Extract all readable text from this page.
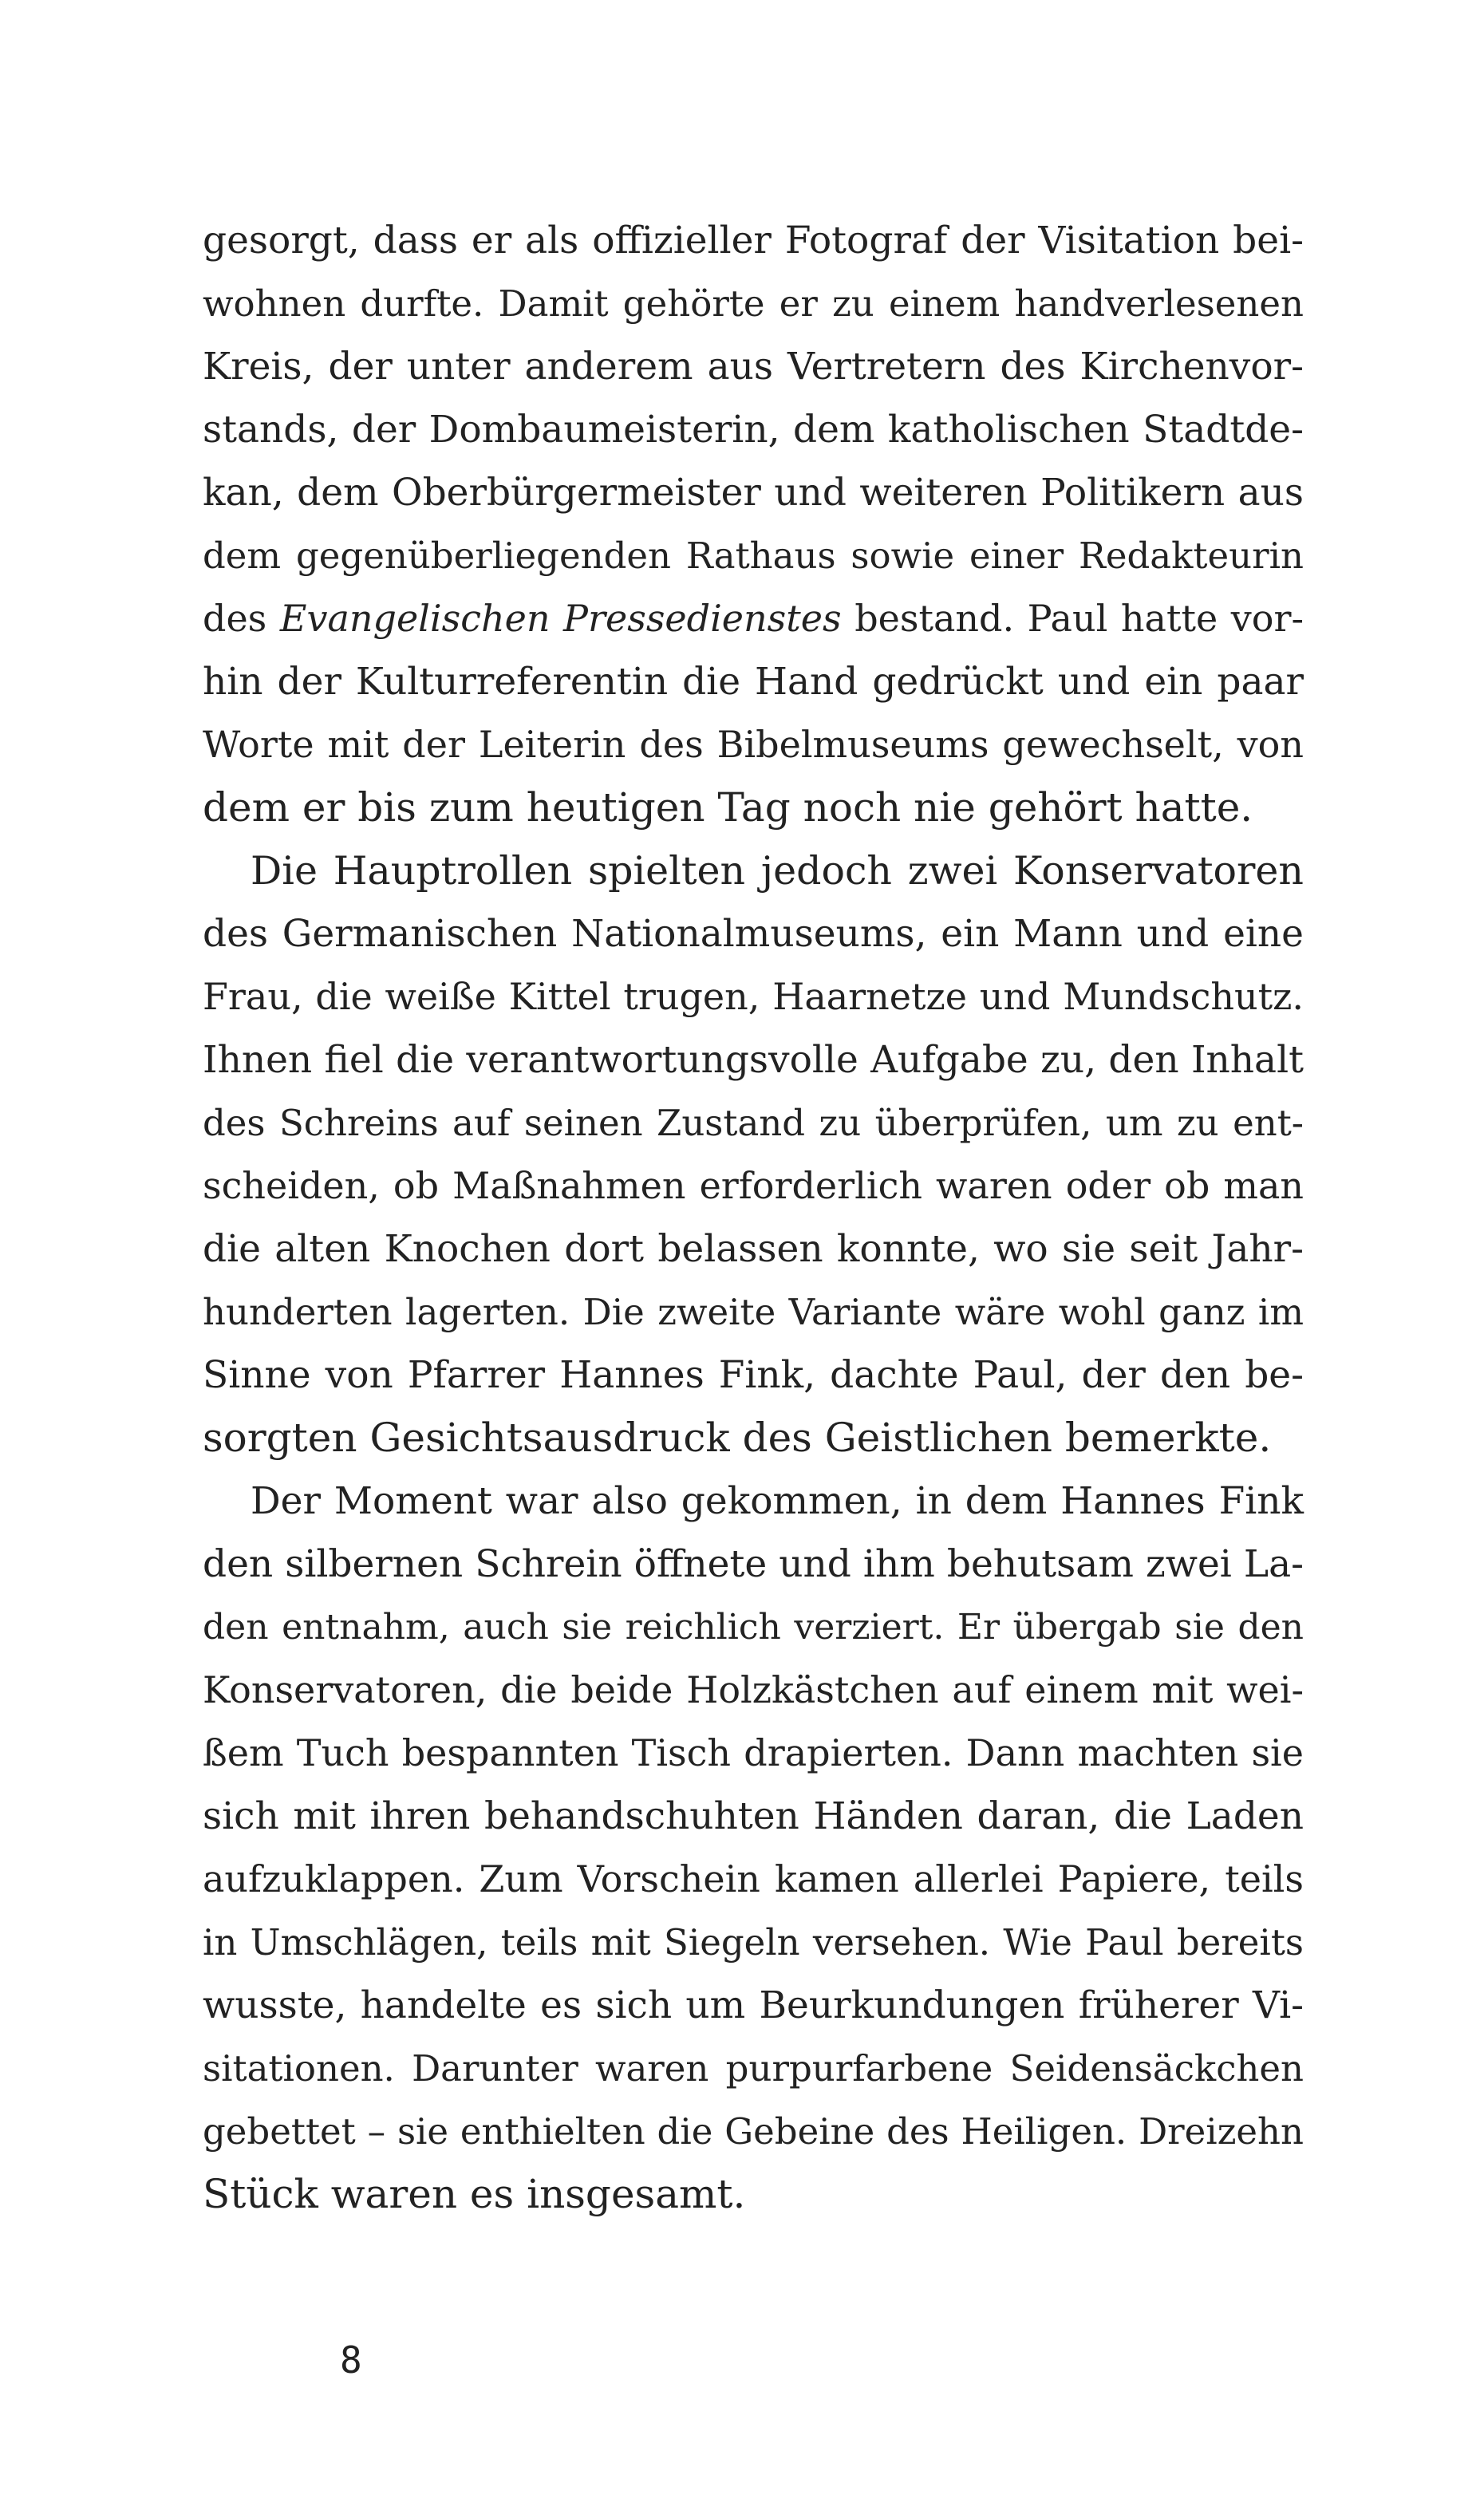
gesorgt, dass er als offizieller Fotograf der Visitation bei-
wohnen durfte. Damit gehörte er zu einem handverlesenen
Kreis, der unter anderem aus Vertretern des Kirchenvor-
stands, der Dombaumeisterin, dem katholischen Stadtde-
kan, dem Oberbürgermeister und weiteren Politikern aus
dem gegenüberliegenden Rathaus sowie einer Redakteurin
des Evangelischen Pressedienstes bestand. Paul hatte vor-
hin der Kulturreferentin die Hand gedrückt und ein paar
Worte mit der Leiterin des Bibelmuseums gewechselt, von
dem er bis zum heutigen Tag noch nie gehört hatte.
Die Hauptrollen spielten jedoch zwei Konservatoren
des Germanischen Nationalmuseums, ein Mann und eine
Frau, die weiße Kittel trugen, Haarnetze und Mundschutz.
Ihnen fiel die verantwortungsvolle Aufgabe zu, den Inhalt
des Schreins auf seinen Zustand zu überprüfen, um zu ent-
scheiden, ob Maßnahmen erforderlich waren oder ob man
die alten Knochen dort belassen konnte, wo sie seit Jahr-
hunderten lagerten. Die zweite Variante wäre wohl ganz im
Sinne von Pfarrer Hannes Fink, dachte Paul, der den be-
sorgten Gesichtsausdruck des Geistlichen bemerkte.
Der Moment war also gekommen, in dem Hannes Fink
den silbernen Schrein öffnete und ihm behutsam zwei La-
den entnahm, auch sie reichlich verziert. Er übergab sie den
Konservatoren, die beide Holzkästchen auf einem mit wei-
ßem Tuch bespannten Tisch drapierten. Dann machten sie
sich mit ihren behandschuhten Händen daran, die Laden
aufzuklappen. Zum Vorschein kamen allerlei Papiere, teils
in Umschlägen, teils mit Siegeln versehen. Wie Paul bereits
wusste, handelte es sich um Beurkundungen früherer Vi-
sitationen. Darunter waren purpurfarbene Seidensäckchen
gebettet – sie enthielten die Gebeine des Heiligen. Dreizehn
Stück waren es insgesamt.
8
